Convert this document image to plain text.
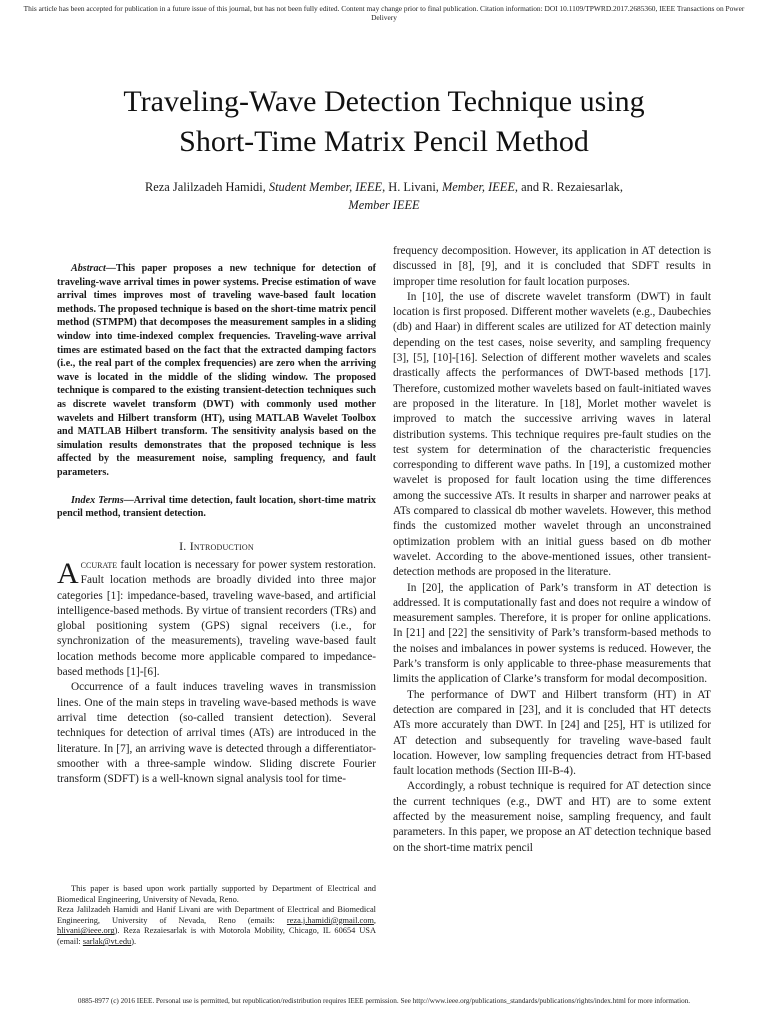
This article has been accepted for publication in a future issue of this journal, but has not been fully edited. Content may change prior to final publication. Citation information: DOI 10.1109/TPWRD.2017.2685360, IEEE Transactions on Power Delivery
Traveling-Wave Detection Technique using
Short-Time Matrix Pencil Method
Reza Jalilzadeh Hamidi, Student Member, IEEE, H. Livani, Member, IEEE, and R. Rezaiesarlak,
Member IEEE

Abstract—This paper proposes a new technique for detection of traveling-wave arrival times in power systems. Precise estimation of wave arrival times improves most of traveling wave-based fault location methods. The proposed technique is based on the short-time matrix pencil method (STMPM) that decomposes the measurement samples in a sliding window into time-indexed complex frequencies. Traveling-wave arrival times are estimated based on the fact that the extracted damping factors (i.e., the real part of the complex frequencies) are zero when the arriving wave is located in the middle of the sliding window. The proposed technique is compared to the existing transient-detection techniques such as discrete wavelet transform (DWT) with commonly used mother wavelets and Hilbert transform (HT), using MATLAB Wavelet Toolbox and MATLAB Hilbert transform. The sensitivity analysis based on the simulation results demonstrates that the proposed technique is less affected by the measurement noise, sampling frequency, and fault parameters.

Index Terms—Arrival time detection, fault location, short-time matrix pencil method, transient detection.

I. Introduction

Accurate fault location is necessary for power system restoration. Fault location methods are broadly divided into three major categories [1]: impedance-based, traveling wave-based, and artificial intelligence-based methods. By virtue of transient recorders (TRs) and global positioning system (GPS) signal receivers (i.e., for synchronization of the measurements), traveling wave-based fault location methods become more applicable compared to impedance-based methods [1]-[6].

Occurrence of a fault induces traveling waves in transmission lines. One of the main steps in traveling wave-based methods is wave arrival time detection (so-called transient detection). Several techniques for detection of arrival times (ATs) are introduced in the literature. In [7], an arriving wave is detected through a differentiator-smoother with a three-sample window. Sliding discrete Fourier transform (SDFT) is a well-known signal analysis tool for time-

This paper is based upon work partially supported by Department of Electrical and Biomedical Engineering, University of Nevada, Reno.

Reza Jalilzadeh Hamidi and Hanif Livani are with Department of Electrical and Biomedical Engineering, University of Nevada, Reno (emails: reza.j.hamidi@gmail.com, hlivani@ieee.org). Reza Rezaiesarlak is with Motorola Mobility, Chicago, IL 60654 USA (email: sarlak@vt.edu).

frequency decomposition. However, its application in AT detection is discussed in [8], [9], and it is concluded that SDFT results in improper time resolution for fault location purposes.

In [10], the use of discrete wavelet transform (DWT) in fault location is first proposed. Different mother wavelets (e.g., Daubechies (db) and Haar) in different scales are utilized for AT detection mainly depending on the test cases, noise severity, and sampling frequency [3], [5], [10]-[16]. Selection of different mother wavelets and scales drastically affects the performances of DWT-based methods [17]. Therefore, customized mother wavelets based on fault-initiated waves are proposed in the literature. In [18], Morlet mother wavelet is improved to match the successive arriving waves in lateral distribution systems. This technique requires pre-fault studies on the test system for determination of the characteristic frequencies corresponding to different wave paths. In [19], a customized mother wavelet is proposed for fault location using the time differences among the successive ATs. It results in sharper and narrower peaks at ATs compared to classical db mother wavelets. However, this method finds the customized mother wavelet through an unconstrained optimization problem with an initial guess based on db mother wavelet. According to the above-mentioned issues, other transient-detection methods are proposed in the literature.

In [20], the application of Park’s transform in AT detection is addressed. It is computationally fast and does not require a window of measurement samples. Therefore, it is proper for online applications. In [21] and [22] the sensitivity of Park’s transform-based methods to the noises and imbalances in power systems is reduced. However, the Park’s transform is only applicable to three-phase measurements that limits the application of Clarke’s transform for modal decomposition.

The performance of DWT and Hilbert transform (HT) in AT detection are compared in [23], and it is concluded that HT detects ATs more accurately than DWT. In [24] and [25], HT is utilized for AT detection and subsequently for traveling wave-based fault location. However, low sampling frequencies detract from HT-based fault location methods (Section III-B-4).

Accordingly, a robust technique is required for AT detection since the current techniques (e.g., DWT and HT) are to some extent affected by the measurement noise, sampling frequency, and fault parameters. In this paper, we propose an AT detection technique based on the short-time matrix pencil

0885-8977 (c) 2016 IEEE. Personal use is permitted, but republication/redistribution requires IEEE permission. See http://www.ieee.org/publications_standards/publications/rights/index.html for more information.
